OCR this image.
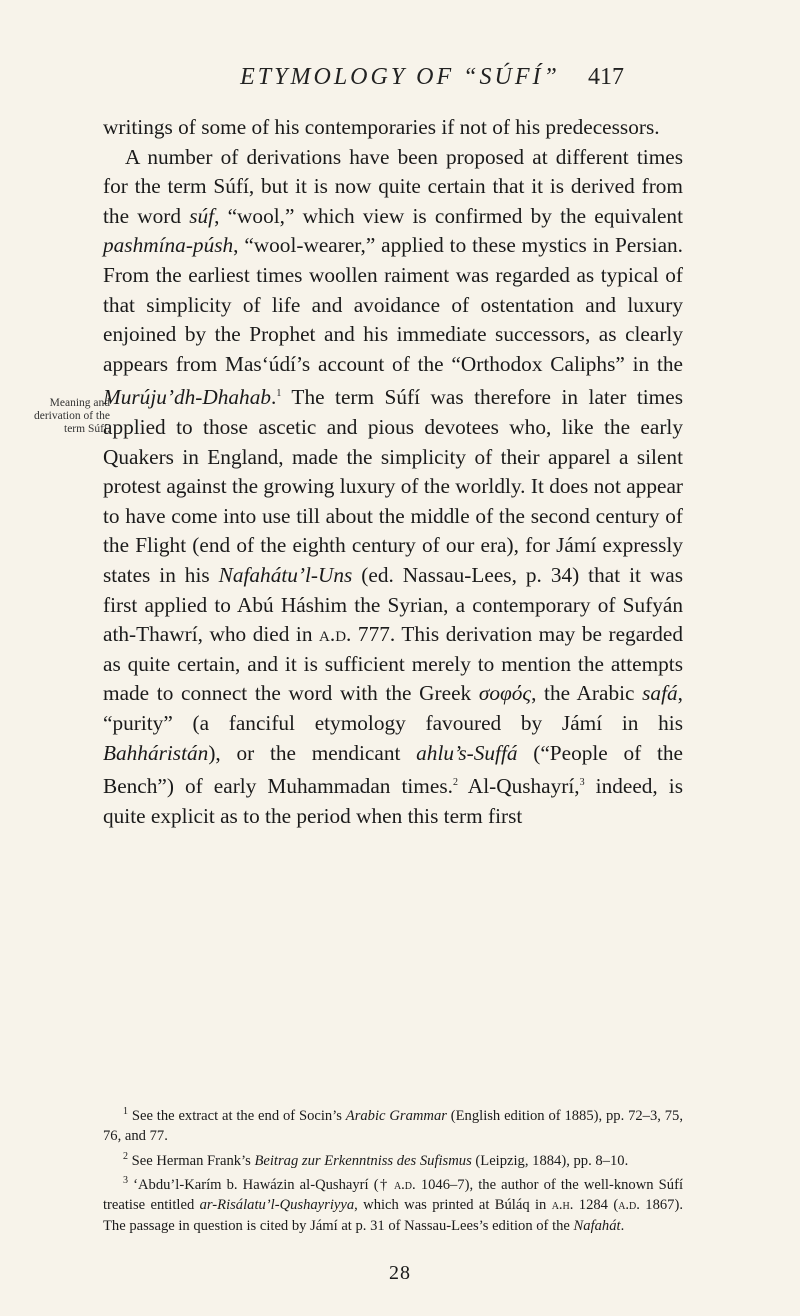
ETYMOLOGY OF “SÚFÍ”	417
Meaning and
derivation of the
term Súfí.

writings of some of his contemporaries if not of his predecessors.

A number of derivations have been proposed at different times for the term Súfí, but it is now quite certain that it is derived from the word súf, “wool,” which view is confirmed by the equivalent pashmína-púsh, “wool-wearer,” applied to these mystics in Persian. From the earliest times woollen raiment was regarded as typical of that simplicity of life and avoidance of ostentation and luxury enjoined by the Prophet and his immediate successors, as clearly appears from Mas‘údí’s account of the “Orthodox Caliphs” in the Murúju’dh-Dhahab.$^1$ The term Súfí was therefore in later times applied to those ascetic and pious devotees who, like the early Quakers in England, made the simplicity of their apparel a silent protest against the growing luxury of the worldly. It does not appear to have come into use till about the middle of the second century of the Flight (end of the eighth century of our era), for Jámí expressly states in his Nafahátu’l-Uns (ed. Nassau-Lees, p. 34) that it was first applied to Abú Háshim the Syrian, a contemporary of Sufyán ath-Thawrí, who died in a.d. 777. This derivation may be regarded as quite certain, and it is sufficient merely to mention the attempts made to connect the word with the Greek σοφός, the Arabic safá, “purity” (a fanciful etymology favoured by Jámí in his Bahháristán), or the mendicant ahlu’s-Suffá (“People of the Bench”) of early Muhammadan times.$^2$ Al-Qushayrí,$^3$ indeed, is quite explicit as to the period when this term first

$^1$ See the extract at the end of Socin’s Arabic Grammar (English edition of 1885), pp. 72–3, 75, 76, and 77.

$^2$ See Herman Frank’s Beitrag zur Erkenntniss des Sufismus (Leipzig, 1884), pp. 8–10.

$^3$ ‘Abdu’l-Karím b. Hawázin al-Qushayrí († a.d. 1046–7), the author of the well-known Súfí treatise entitled ar-Risálatu’l-Qushayriyya, which was printed at Búláq in a.h. 1284 (a.d. 1867). The passage in question is cited by Jámí at p. 31 of Nassau-Lees’s edition of the Nafahát.

28
